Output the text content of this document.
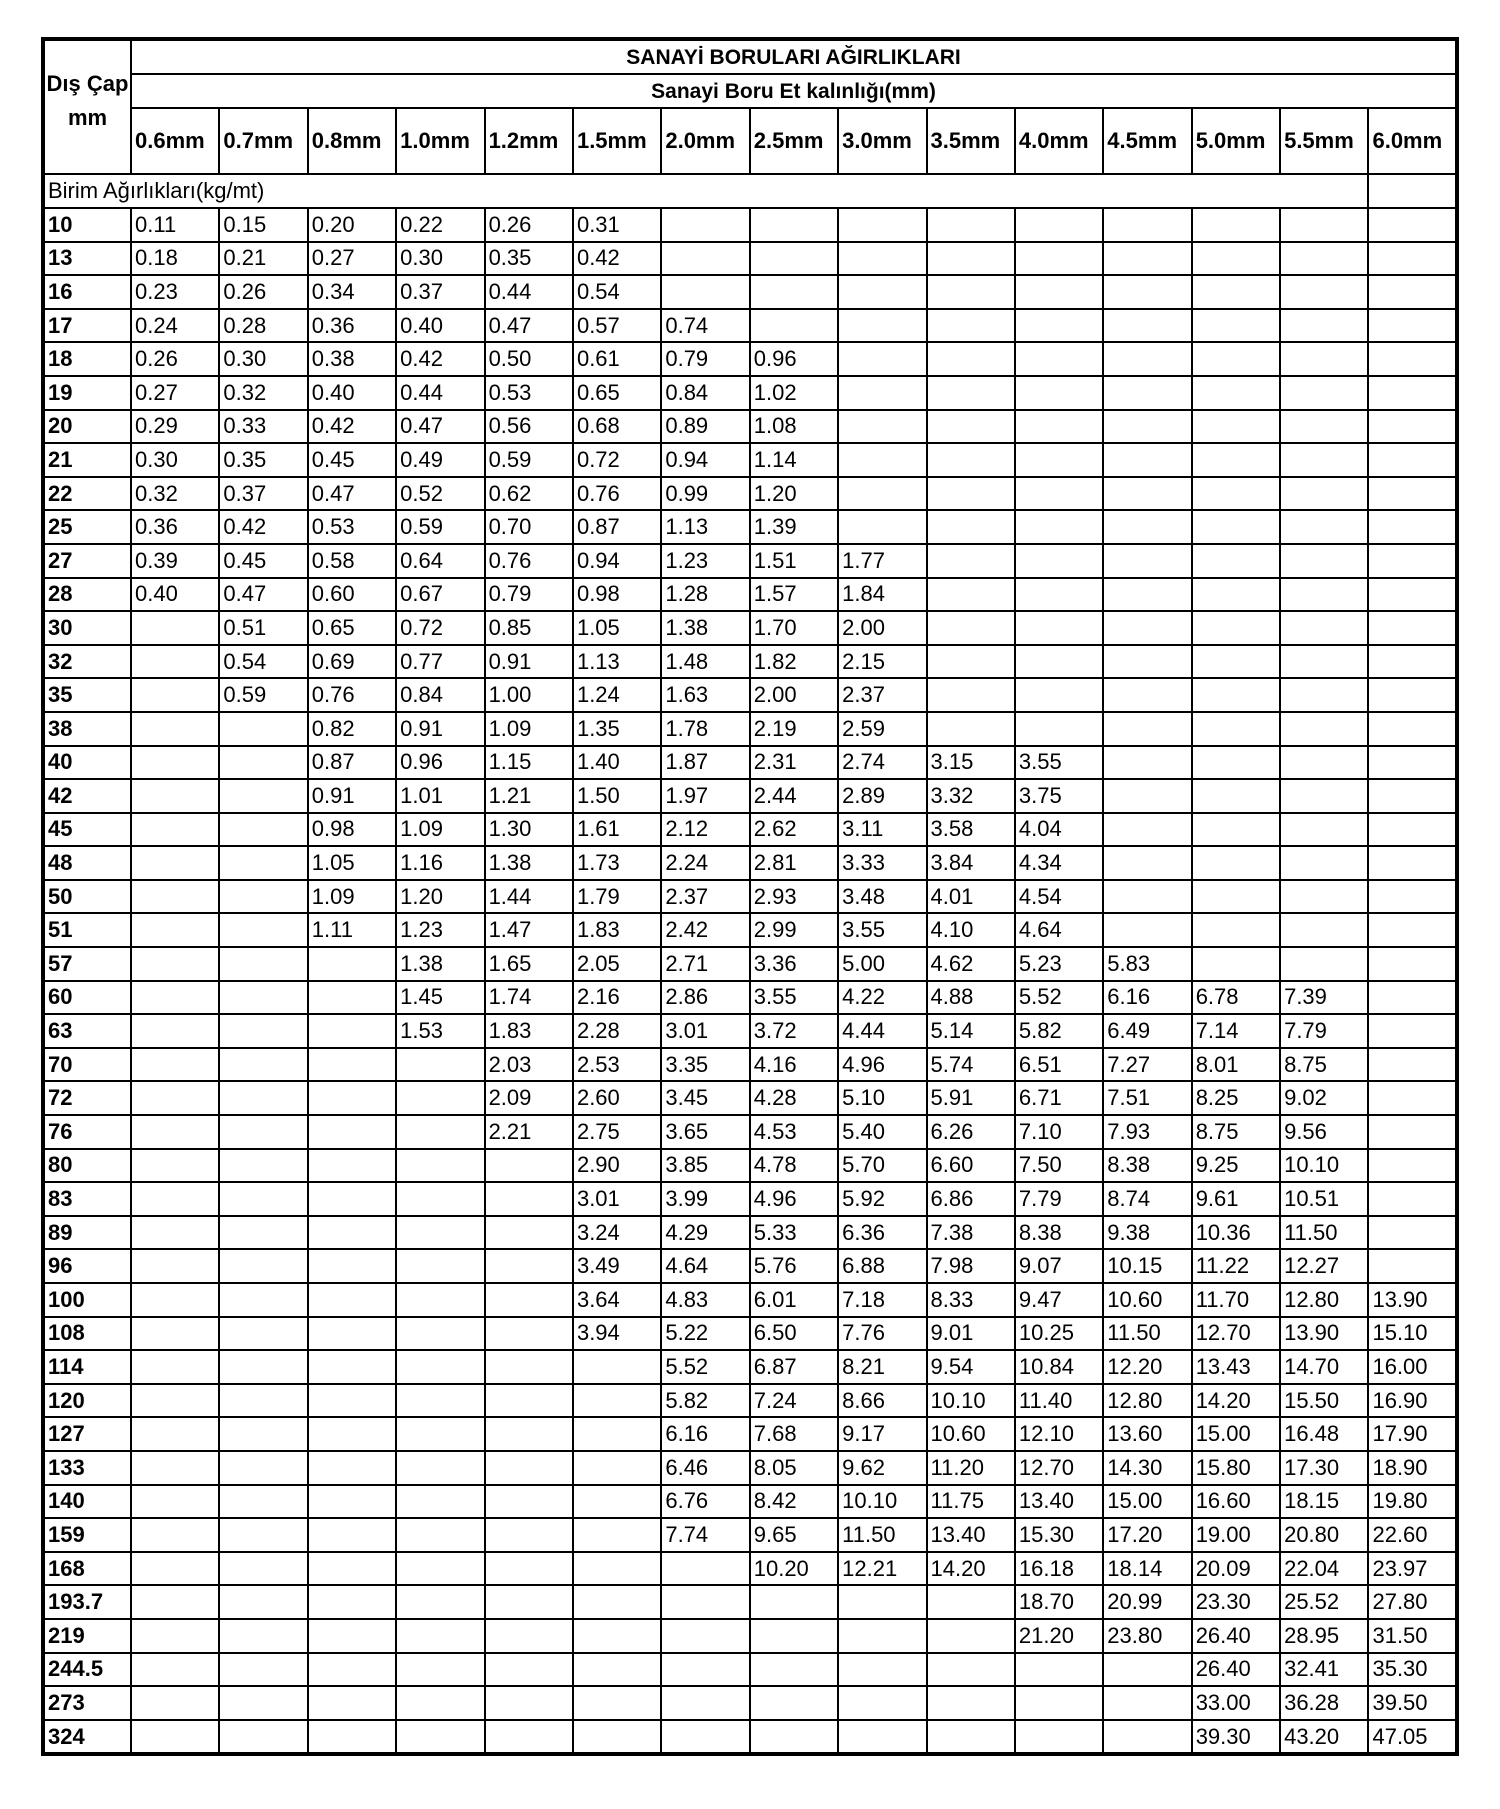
Dış Çap
mm	SANAYİ BORULARI AĞIRLIKLARI														
	Sanayi Boru Et kalınlığı(mm)														
	0.6mm	0.7mm	0.8mm	1.0mm	1.2mm	1.5mm	2.0mm	2.5mm	3.0mm	3.5mm	4.0mm	4.5mm	5.0mm	5.5mm	6.0mm
Birim Ağırlıkları(kg/mt)															
10	0.11	0.15	0.20	0.22	0.26	0.31									
13	0.18	0.21	0.27	0.30	0.35	0.42									
16	0.23	0.26	0.34	0.37	0.44	0.54									
17	0.24	0.28	0.36	0.40	0.47	0.57	0.74								
18	0.26	0.30	0.38	0.42	0.50	0.61	0.79	0.96							
19	0.27	0.32	0.40	0.44	0.53	0.65	0.84	1.02							
20	0.29	0.33	0.42	0.47	0.56	0.68	0.89	1.08							
21	0.30	0.35	0.45	0.49	0.59	0.72	0.94	1.14							
22	0.32	0.37	0.47	0.52	0.62	0.76	0.99	1.20							
25	0.36	0.42	0.53	0.59	0.70	0.87	1.13	1.39							
27	0.39	0.45	0.58	0.64	0.76	0.94	1.23	1.51	1.77						
28	0.40	0.47	0.60	0.67	0.79	0.98	1.28	1.57	1.84						
30		0.51	0.65	0.72	0.85	1.05	1.38	1.70	2.00						
32		0.54	0.69	0.77	0.91	1.13	1.48	1.82	2.15						
35		0.59	0.76	0.84	1.00	1.24	1.63	2.00	2.37						
38			0.82	0.91	1.09	1.35	1.78	2.19	2.59						
40			0.87	0.96	1.15	1.40	1.87	2.31	2.74	3.15	3.55				
42			0.91	1.01	1.21	1.50	1.97	2.44	2.89	3.32	3.75				
45			0.98	1.09	1.30	1.61	2.12	2.62	3.11	3.58	4.04				
48			1.05	1.16	1.38	1.73	2.24	2.81	3.33	3.84	4.34				
50			1.09	1.20	1.44	1.79	2.37	2.93	3.48	4.01	4.54				
51			1.11	1.23	1.47	1.83	2.42	2.99	3.55	4.10	4.64				
57				1.38	1.65	2.05	2.71	3.36	5.00	4.62	5.23	5.83			
60				1.45	1.74	2.16	2.86	3.55	4.22	4.88	5.52	6.16	6.78	7.39	
63				1.53	1.83	2.28	3.01	3.72	4.44	5.14	5.82	6.49	7.14	7.79	
70					2.03	2.53	3.35	4.16	4.96	5.74	6.51	7.27	8.01	8.75	
72					2.09	2.60	3.45	4.28	5.10	5.91	6.71	7.51	8.25	9.02	
76					2.21	2.75	3.65	4.53	5.40	6.26	7.10	7.93	8.75	9.56	
80						2.90	3.85	4.78	5.70	6.60	7.50	8.38	9.25	10.10	
83						3.01	3.99	4.96	5.92	6.86	7.79	8.74	9.61	10.51	
89						3.24	4.29	5.33	6.36	7.38	8.38	9.38	10.36	11.50	
96						3.49	4.64	5.76	6.88	7.98	9.07	10.15	11.22	12.27	
100						3.64	4.83	6.01	7.18	8.33	9.47	10.60	11.70	12.80	13.90
108						3.94	5.22	6.50	7.76	9.01	10.25	11.50	12.70	13.90	15.10
114							5.52	6.87	8.21	9.54	10.84	12.20	13.43	14.70	16.00
120							5.82	7.24	8.66	10.10	11.40	12.80	14.20	15.50	16.90
127							6.16	7.68	9.17	10.60	12.10	13.60	15.00	16.48	17.90
133							6.46	8.05	9.62	11.20	12.70	14.30	15.80	17.30	18.90
140							6.76	8.42	10.10	11.75	13.40	15.00	16.60	18.15	19.80
159							7.74	9.65	11.50	13.40	15.30	17.20	19.00	20.80	22.60
168								10.20	12.21	14.20	16.18	18.14	20.09	22.04	23.97
193.7											18.70	20.99	23.30	25.52	27.80
219											21.20	23.80	26.40	28.95	31.50
244.5													26.40	32.41	35.30
273													33.00	36.28	39.50
324													39.30	43.20	47.05
